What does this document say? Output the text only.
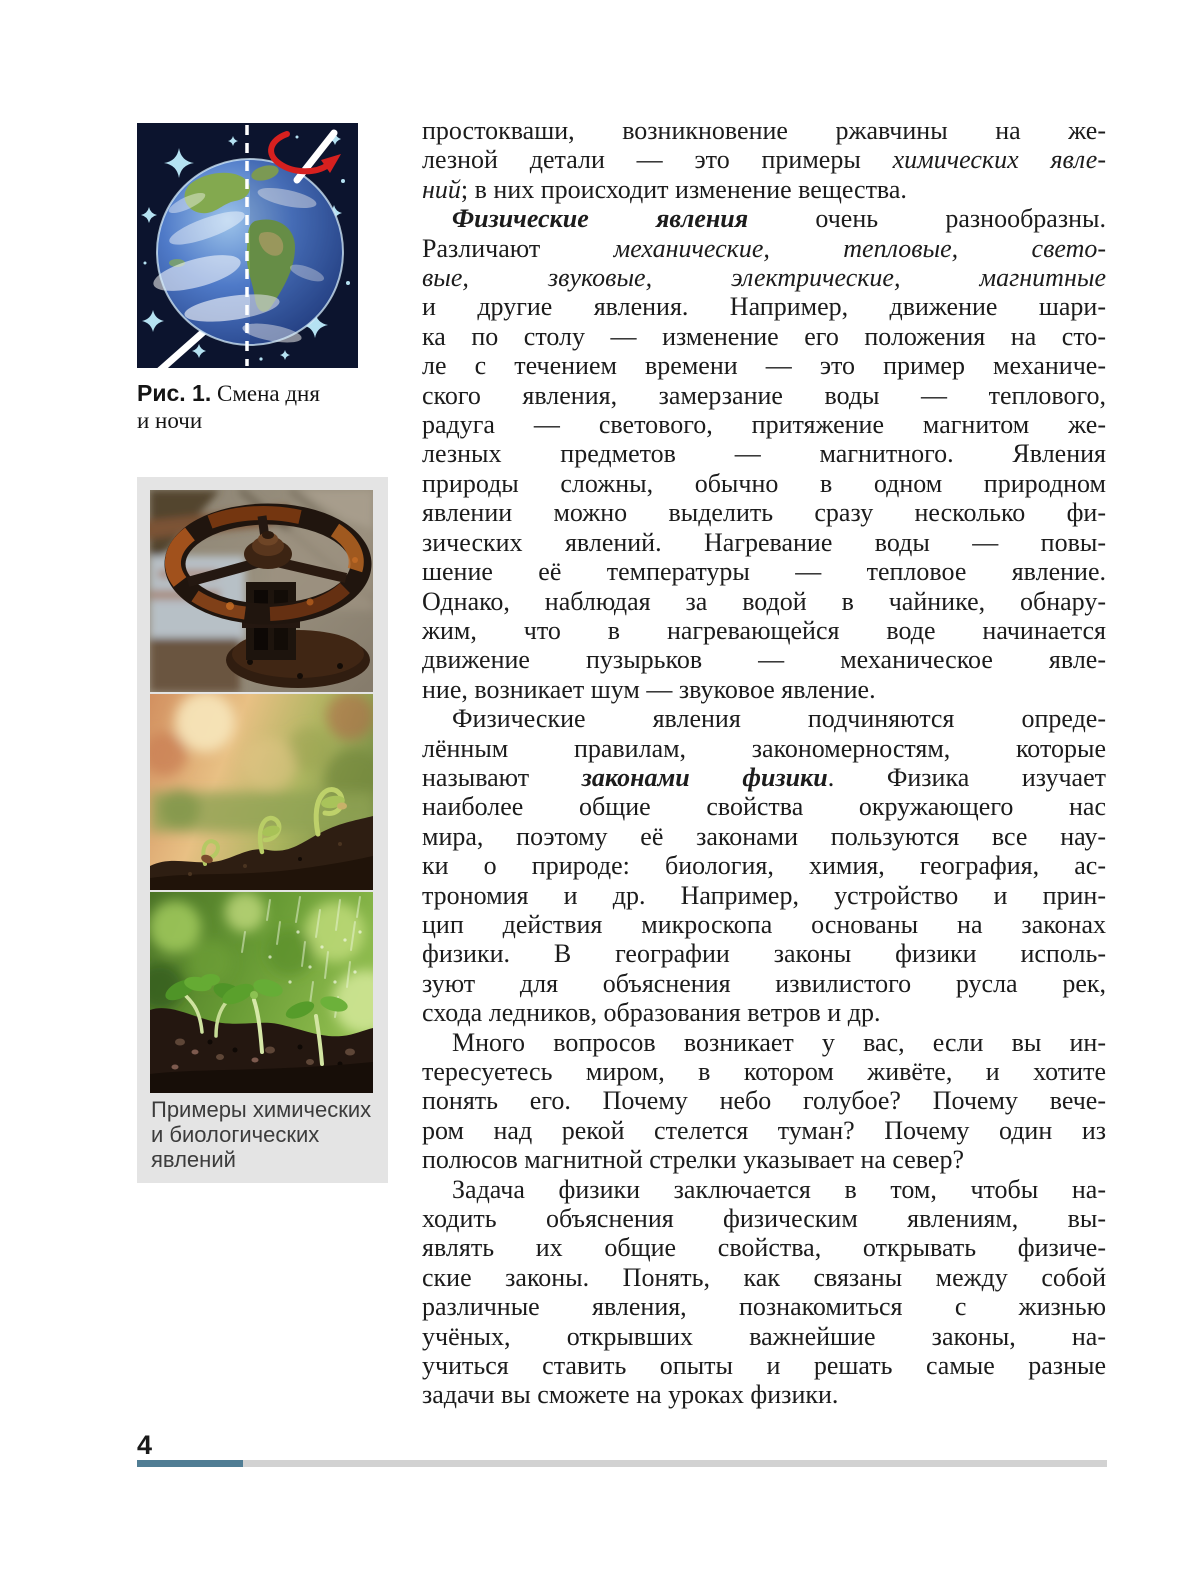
Рис. 1. Смена дня
и ночи
Примеры химических
и биологических
явлений
простокваши, возникновение ржавчины на же-
лезной детали — это примеры химических явле-
ний; в них происходит изменение вещества.
Физические явления очень разнообразны.
Различают механические, тепловые, свето-
вые, звуковые, электрические, магнитные
и другие явления. Например, движение шари-
ка по столу — изменение его положения на сто-
ле с течением времени — это пример механиче-
ского явления, замерзание воды — теплового,
радуга — светового, притяжение магнитом же-
лезных предметов — магнитного. Явления
природы сложны, обычно в одном природном
явлении можно выделить сразу несколько фи-
зических явлений. Нагревание воды — повы-
шение её температуры — тепловое явление.
Однако, наблюдая за водой в чайнике, обнару-
жим, что в нагревающейся воде начинается
движение пузырьков — механическое явле-
ние, возникает шум — звуковое явление.
Физические явления подчиняются опреде-
лённым правилам, закономерностям, которые
называют законами физики. Физика изучает
наиболее общие свойства окружающего нас
мира, поэтому её законами пользуются все нау-
ки о природе: биология, химия, география, ас-
трономия и др. Например, устройство и прин-
цип действия микроскопа основаны на законах
физики. В географии законы физики исполь-
зуют для объяснения извилистого русла рек,
схода ледников, образования ветров и др.
Много вопросов возникает у вас, если вы ин-
тересуетесь миром, в котором живёте, и хотите
понять его. Почему небо голубое? Почему вече-
ром над рекой стелется туман? Почему один из
полюсов магнитной стрелки указывает на север?
Задача физики заключается в том, чтобы на-
ходить объяснения физическим явлениям, вы-
являть их общие свойства, открывать физиче-
ские законы. Понять, как связаны между собой
различные явления, познакомиться с жизнью
учёных, открывших важнейшие законы, на-
учиться ставить опыты и решать самые разные
задачи вы сможете на уроках физики.
4
